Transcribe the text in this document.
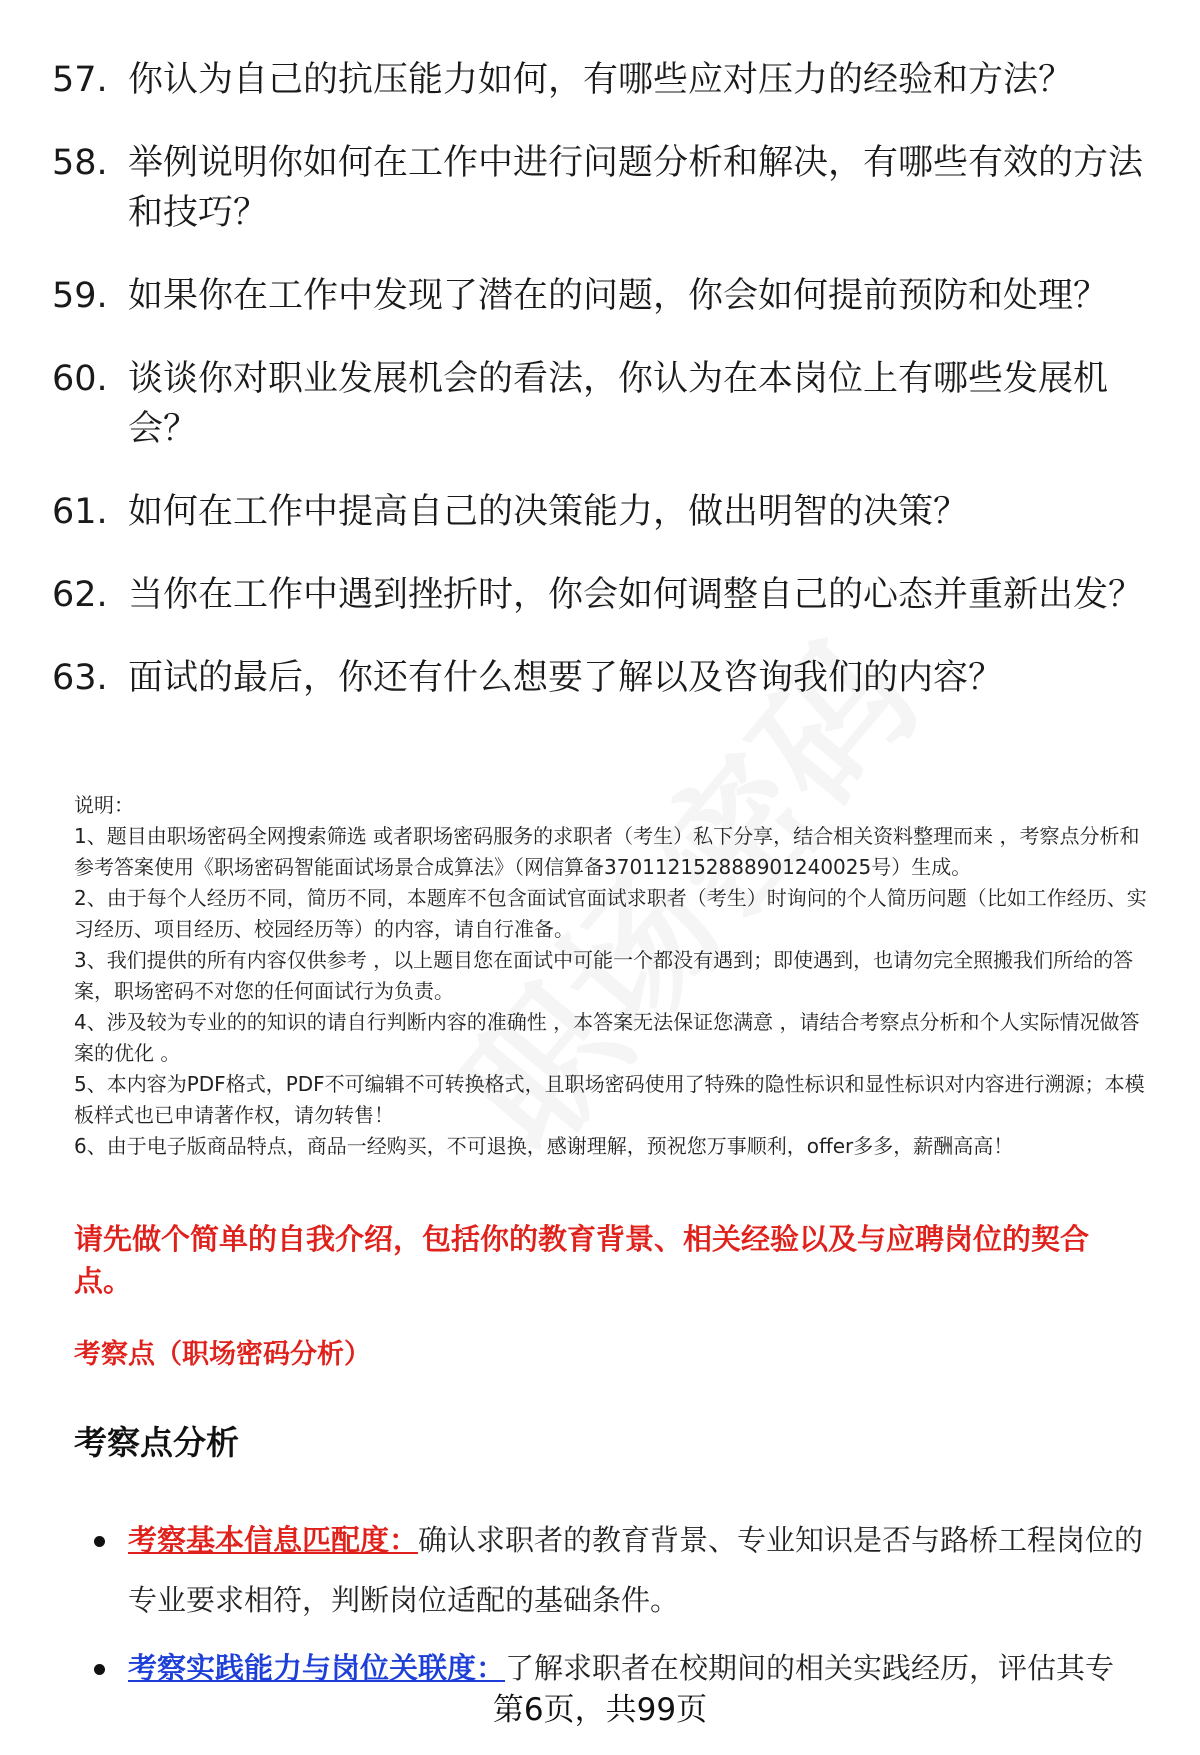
57. 你认为自己的抗压能力如何，有哪些应对压力的经验和方法？
58. 举例说明你如何在工作中进行问题分析和解决，有哪些有效的方法和技巧？
59. 如果你在工作中发现了潜在的问题，你会如何提前预防和处理？
60. 谈谈你对职业发展机会的看法，你认为在本岗位上有哪些发展机会？
61. 如何在工作中提高自己的决策能力，做出明智的决策？
62. 当你在工作中遇到挫折时，你会如何调整自己的心态并重新出发？
63. 面试的最后，你还有什么想要了解以及咨询我们的内容？

说明：

1、题目由职场密码全网搜索筛选 或者职场密码服务的求职者（考生）私下分享，结合相关资料整理而来 ，考察点分析和参考答案使用《职场密码智能面试场景合成算法》（网信算备370112152888901240025号）生成。

2、由于每个人经历不同，简历不同，本题库不包含面试官面试求职者（考生）时询问的个人简历问题（比如工作经历、实习经历、项目经历、校园经历等）的内容，请自行准备。

3、我们提供的所有内容仅供参考 ，以上题目您在面试中可能一个都没有遇到；即使遇到，也请勿完全照搬我们所给的答案，职场密码不对您的任何面试行为负责。

4、涉及较为专业的的知识的请自行判断内容的准确性 ，本答案无法保证您满意 ，请结合考察点分析和个人实际情况做答案的优化 。

5、本内容为PDF格式，PDF不可编辑不可转换格式，且职场密码使用了特殊的隐性标识和显性标识对内容进行溯源；本模板样式也已申请著作权，请勿转售！

6、由于电子版商品特点，商品一经购买，不可退换，感谢理解，预祝您万事顺利，offer多多，薪酬高高！

请先做个简单的自我介绍，包括你的教育背景、相关经验以及与应聘岗位的契合点。

考察点（职场密码分析）

考察点分析
考察基本信息匹配度：确认求职者的教育背景、专业知识是否与路桥工程岗位的专业要求相符，判断岗位适配的基础条件。
考察实践能力与岗位关联度：了解求职者在校期间的相关实践经历，评估其专
第6页，共99页
